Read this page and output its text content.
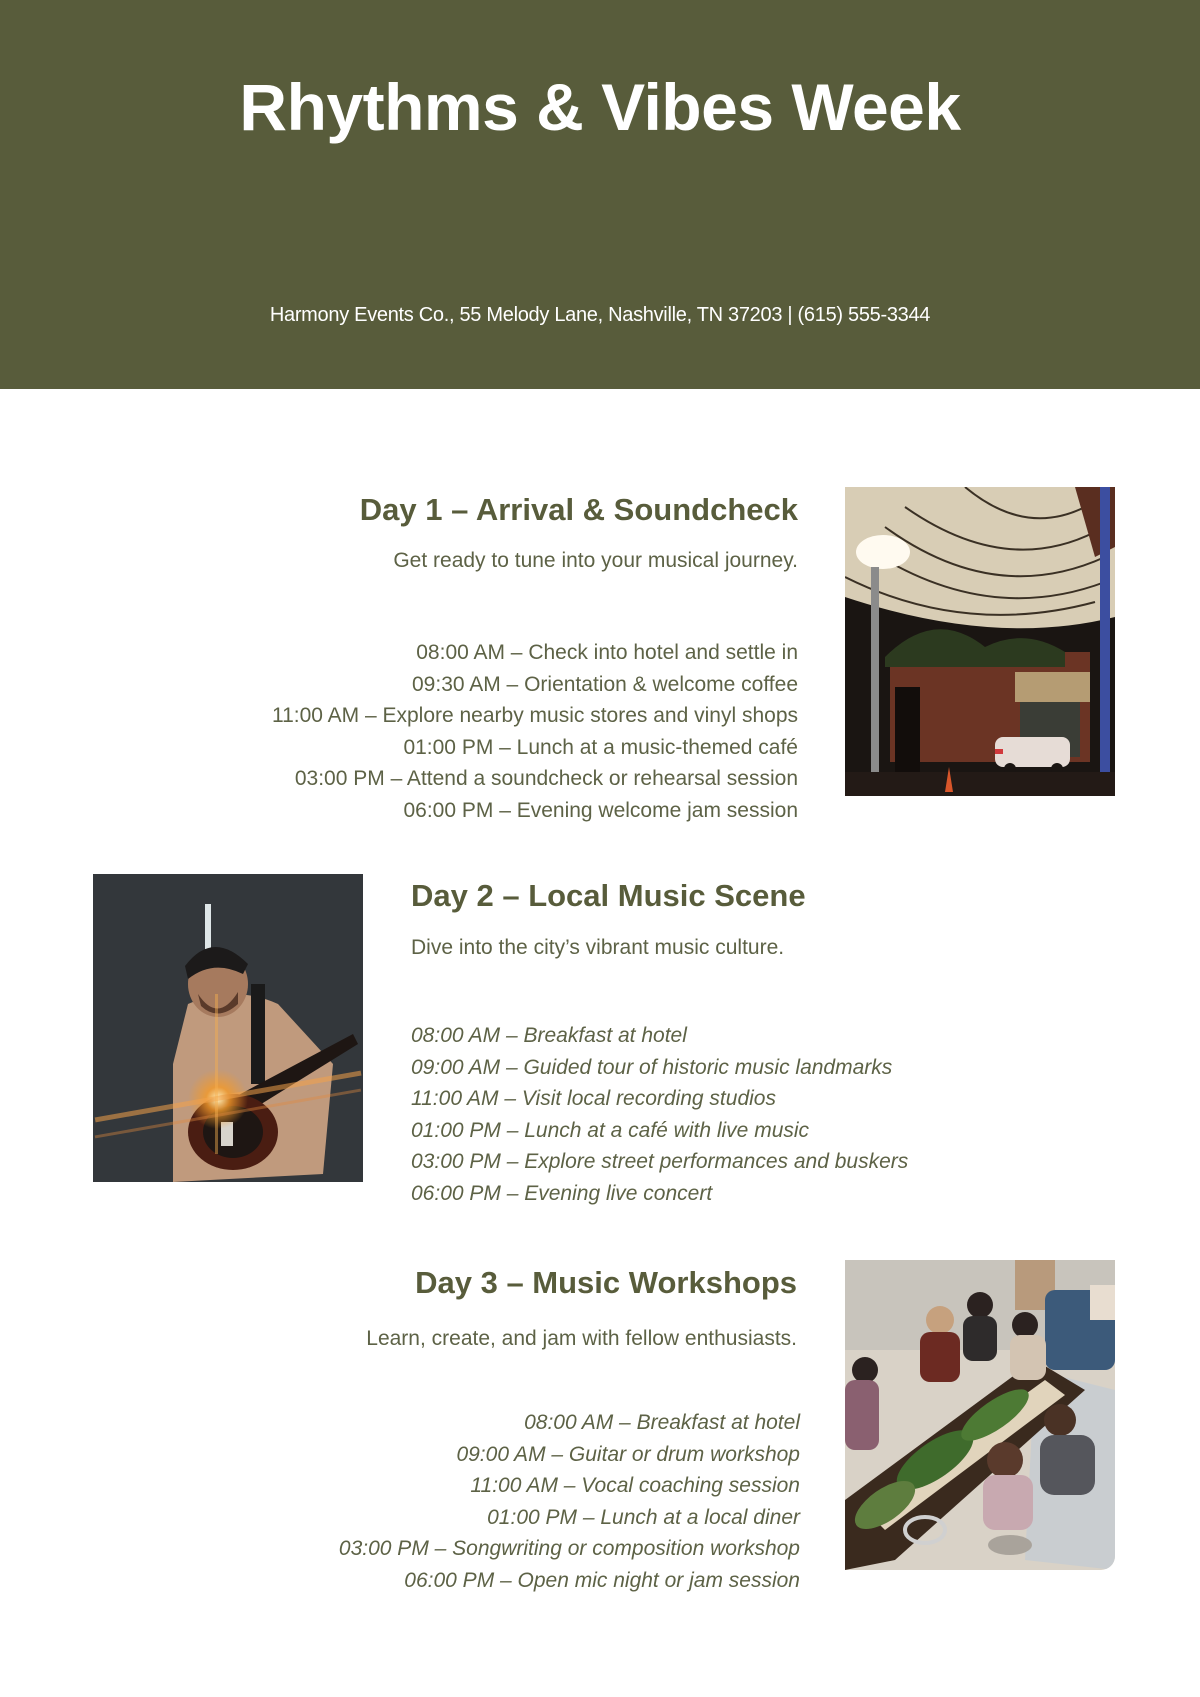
Rhythms & Vibes Week
Harmony Events Co., 55 Melody Lane, Nashville, TN 37203 | (615) 555-3344
Day 1 – Arrival & Soundcheck

Get ready to tune into your musical journey.

08:00 AM – Check into hotel and settle in
09:30 AM – Orientation & welcome coffee
11:00 AM – Explore nearby music stores and vinyl shops
01:00 PM – Lunch at a music-themed café
03:00 PM – Attend a soundcheck or rehearsal session
06:00 PM – Evening welcome jam session
Day 2 – Local Music Scene

Dive into the city’s vibrant music culture.

08:00 AM – Breakfast at hotel
09:00 AM – Guided tour of historic music landmarks
11:00 AM – Visit local recording studios
01:00 PM – Lunch at a café with live music
03:00 PM – Explore street performances and buskers
06:00 PM – Evening live concert
Day 3 – Music Workshops

Learn, create, and jam with fellow enthusiasts.

08:00 AM – Breakfast at hotel
09:00 AM – Guitar or drum workshop
11:00 AM – Vocal coaching session
01:00 PM – Lunch at a local diner
03:00 PM – Songwriting or composition workshop
06:00 PM – Open mic night or jam session
